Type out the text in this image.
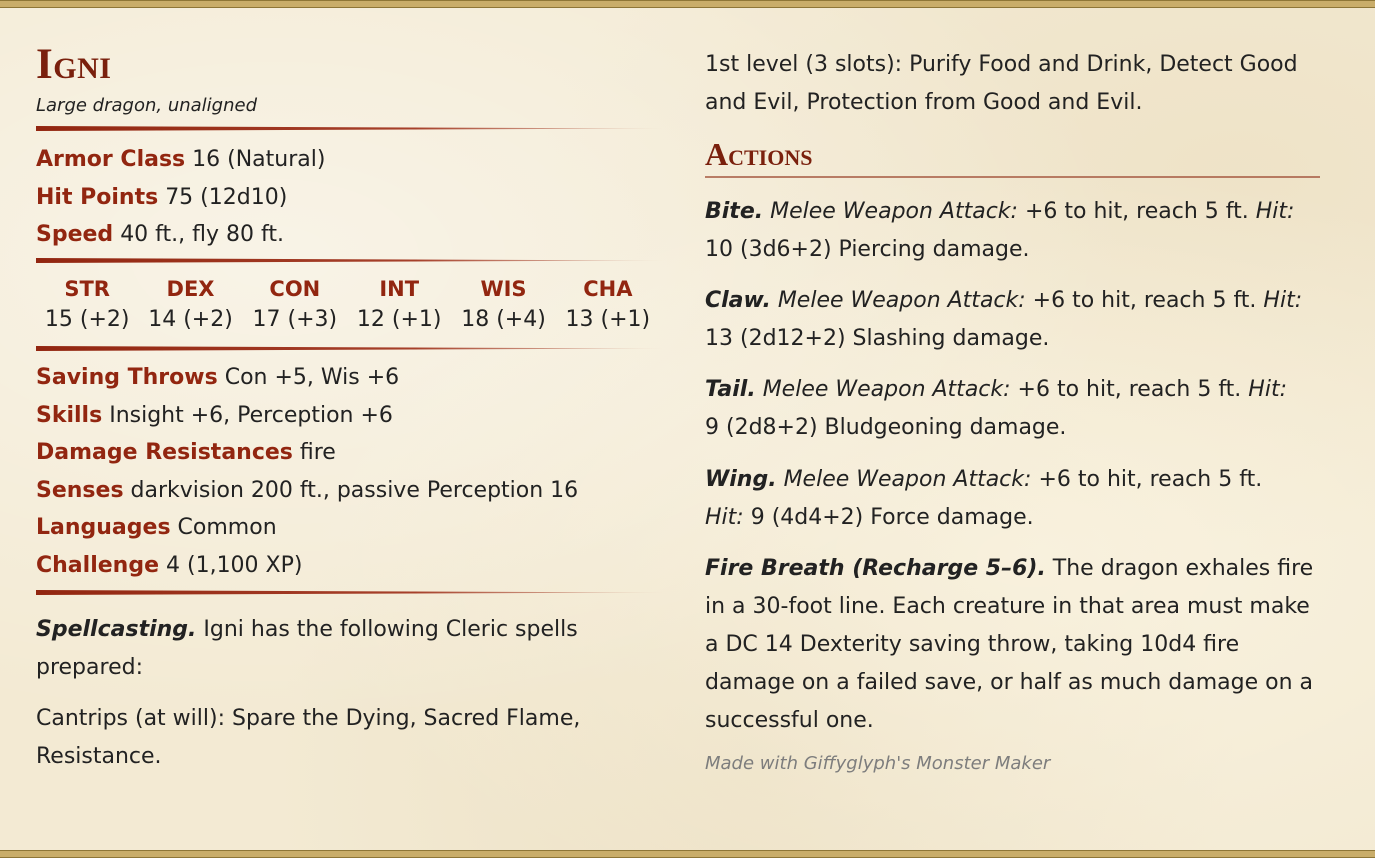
Igni
Large dragon, unaligned
Armor Class 16 (Natural)
Hit Points 75 (12d10)
Speed 40 ft., fly 80 ft.
STR
15 (+2)
DEX
14 (+2)
CON
17 (+3)
INT
12 (+1)
WIS
18 (+4)
CHA
13 (+1)
Saving Throws Con +5, Wis +6
Skills Insight +6, Perception +6
Damage Resistances fire
Senses darkvision 200 ft., passive Perception 16
Languages Common
Challenge 4 (1,100 XP)
Spellcasting. Igni has the following Cleric spells prepared:
Cantrips (at will): Spare the Dying, Sacred Flame, Resistance.
1st level (3 slots): Purify Food and Drink, Detect Good and Evil, Protection from Good and Evil.
Actions
Bite. Melee Weapon Attack: +6 to hit, reach 5 ft. Hit: 10 (3d6+2) Piercing damage.
Claw. Melee Weapon Attack: +6 to hit, reach 5 ft. Hit: 13 (2d12+2) Slashing damage.
Tail. Melee Weapon Attack: +6 to hit, reach 5 ft. Hit: 9 (2d8+2) Bludgeoning damage.
Wing. Melee Weapon Attack: +6 to hit, reach 5 ft. Hit: 9 (4d4+2) Force damage.
Fire Breath (Recharge 5–6). The dragon exhales fire in a 30-foot line. Each creature in that area must make a DC 14 Dexterity saving throw, taking 10d4 fire damage on a failed save, or half as much damage on a successful one.
Made with Giffyglyph's Monster Maker
